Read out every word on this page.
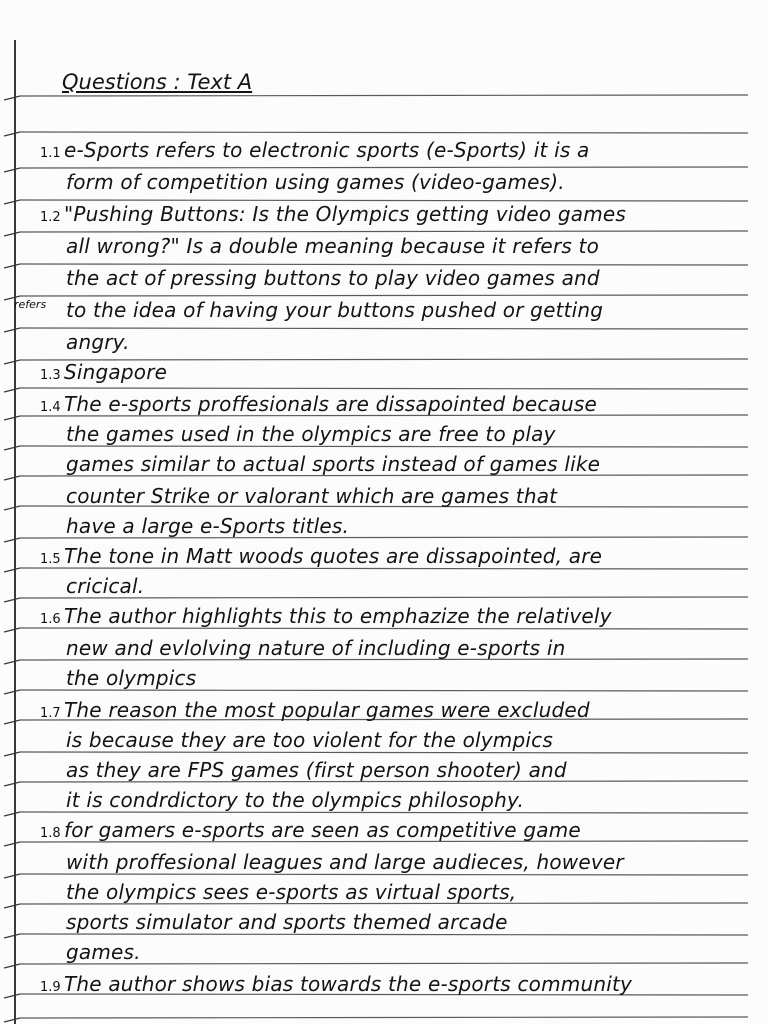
Questions : Text A
refers
1.1 e-Sports refers to electronic sports (e-Sports) it is a
form of competition using games (video-games).
1.2 "Pushing Buttons: Is the Olympics getting video games
all wrong?" Is a double meaning because it refers to
the act of pressing buttons to play video games and
to the idea of having your buttons pushed or getting
angry.
1.3 Singapore
1.4 The e-sports proffesionals are dissapointed because
the games used in the olympics are free to play
games similar to actual sports instead of games like
counter Strike or valorant which are games that
have a large e-Sports titles.
1.5 The tone in Matt woods quotes are dissapointed, are
cricical.
1.6 The author highlights this to emphazize the relatively
new and evlolving nature of including e-sports in
the olympics
1.7 The reason the most popular games were excluded
is because they are too violent for the olympics
as they are FPS games (first person shooter) and
it is condrdictory to the olympics philosophy.
1.8 for gamers e-sports are seen as competitive game
with proffesional leagues and large audieces, however
the olympics sees e-sports as virtual sports,
sports simulator and sports themed arcade
games.
1.9 The author shows bias towards the e-sports community
